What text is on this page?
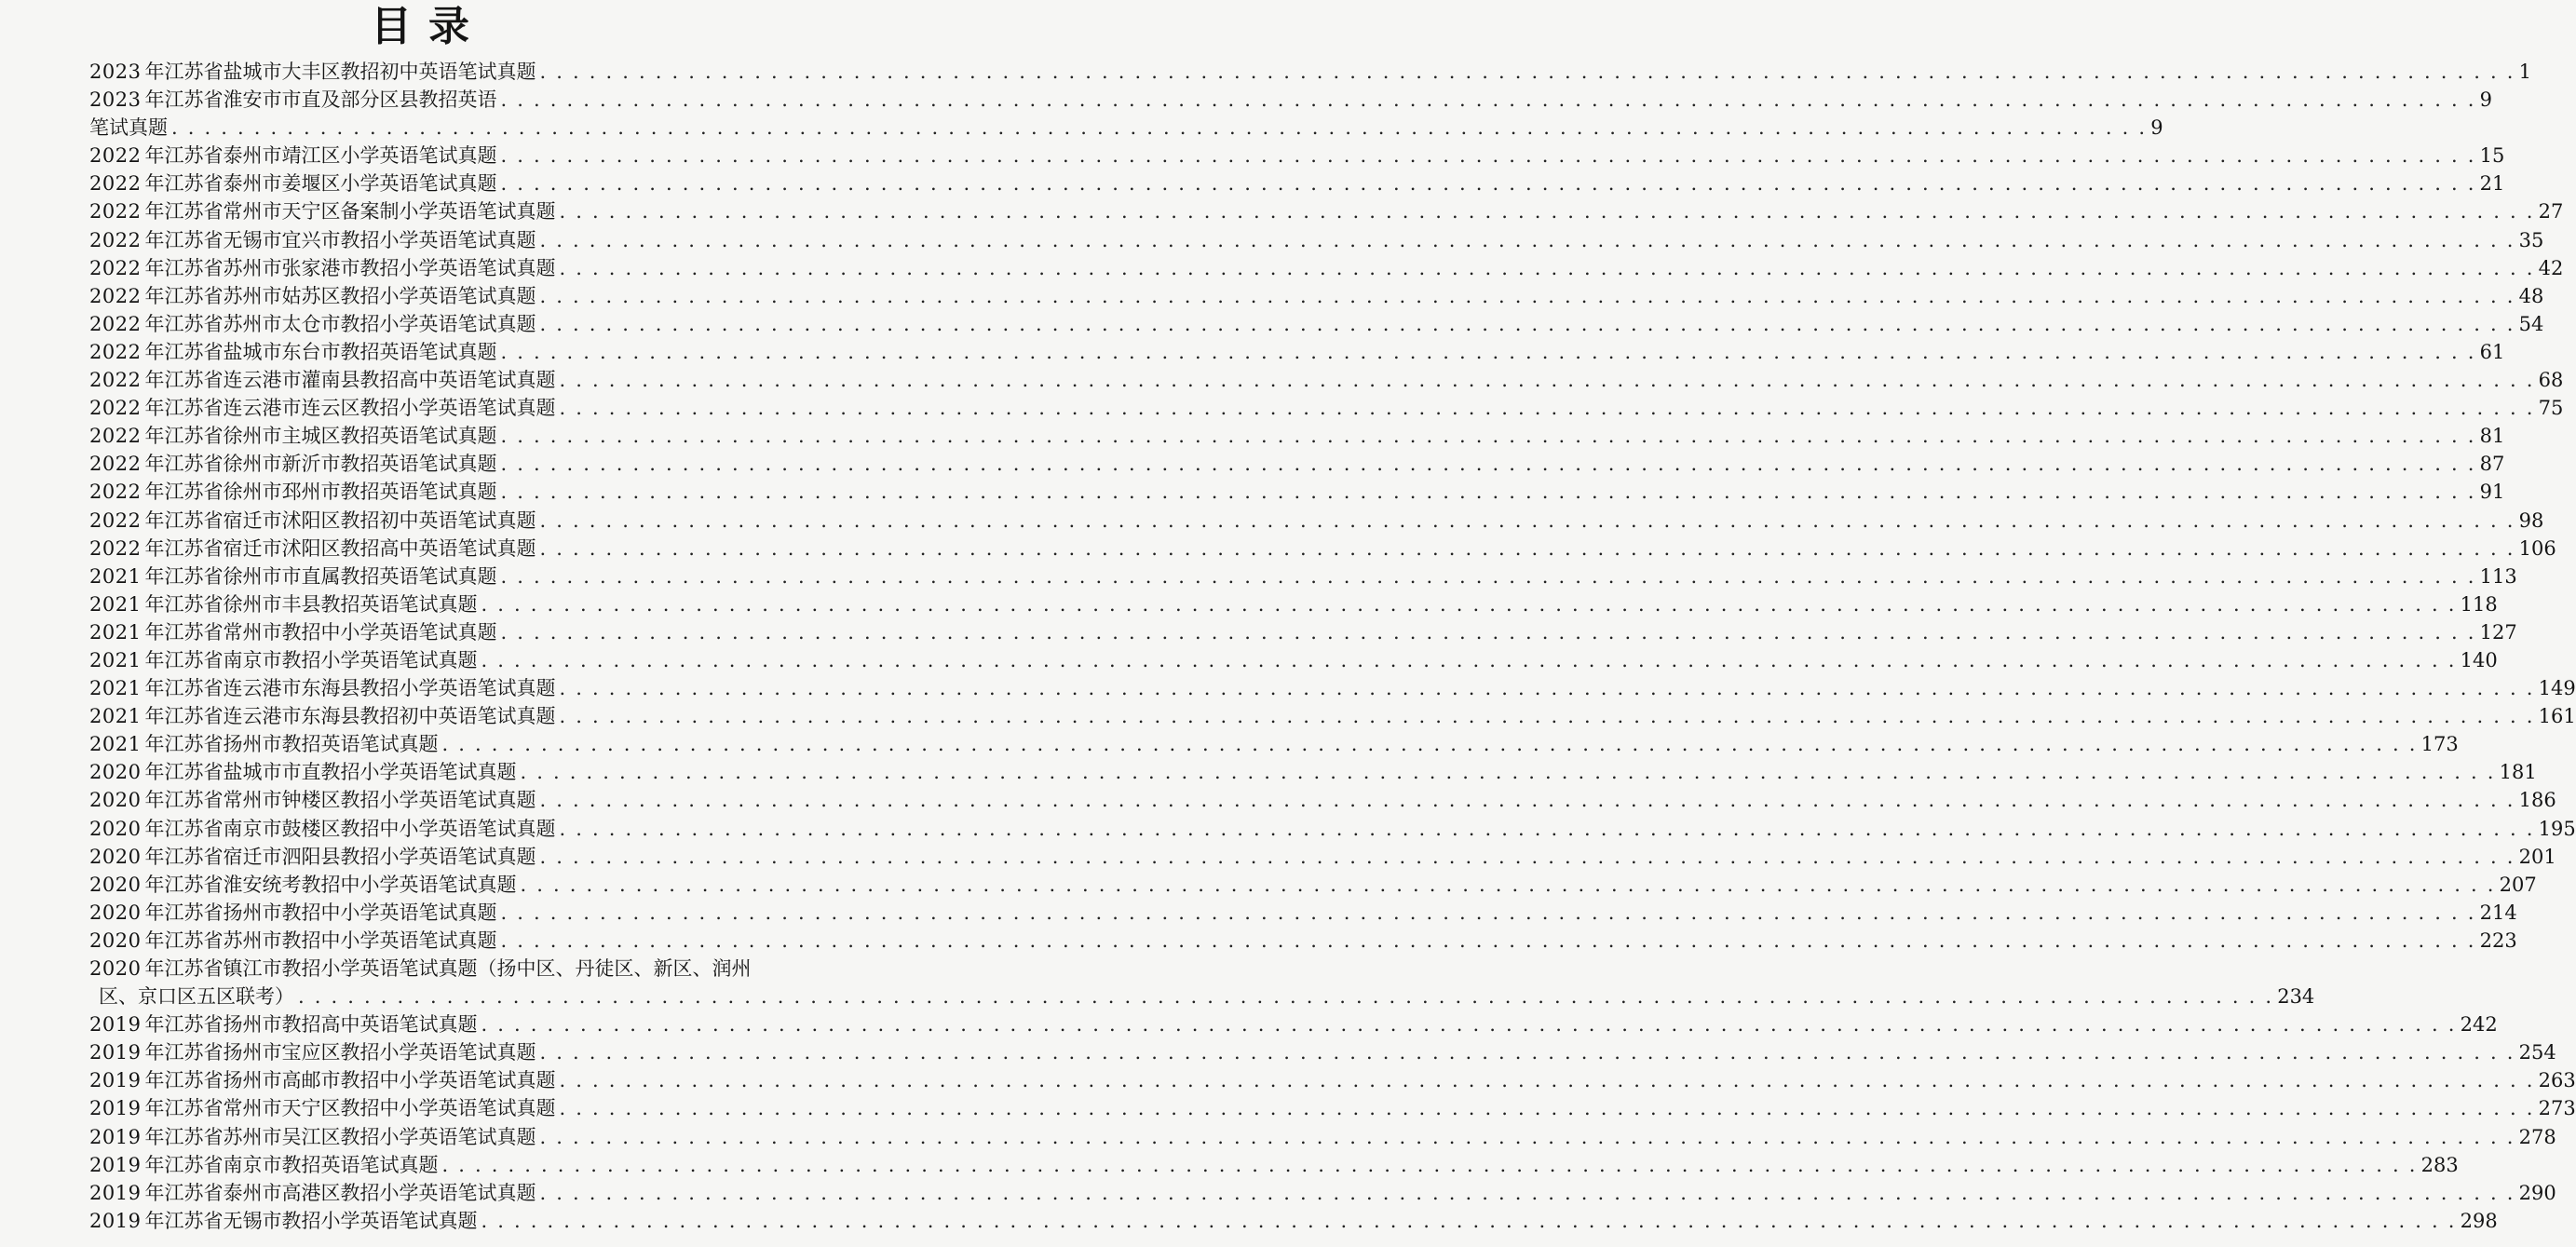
目录
2023 年江苏省盐城市大丰区教招初中英语笔试真题 . . . . . . . . . . . . . . . . . . . . . . . . . . . . . . . . . . . . . . . . . . . . . . . . . . . . . . . . . . . . . . . . . . . . . . . . . . . . . . . . . . . . . . . . . . . . . . . . . . . . . . . . . . . . . . . . . . . . . . . . 1
2023 年江苏省淮安市市直及部分区县教招英语 . . . . . . . . . . . . . . . . . . . . . . . . . . . . . . . . . . . . . . . . . . . . . . . . . . . . . . . . . . . . . . . . . . . . . . . . . . . . . . . . . . . . . . . . . . . . . . . . . . . . . . . . . . . . . . . . . . . . . . . . 9
笔试真题 . . . . . . . . . . . . . . . . . . . . . . . . . . . . . . . . . . . . . . . . . . . . . . . . . . . . . . . . . . . . . . . . . . . . . . . . . . . . . . . . . . . . . . . . . . . . . . . . . . . . . . . . . . . . . . . . . . . . . . . . 9
2022 年江苏省泰州市靖江区小学英语笔试真题 . . . . . . . . . . . . . . . . . . . . . . . . . . . . . . . . . . . . . . . . . . . . . . . . . . . . . . . . . . . . . . . . . . . . . . . . . . . . . . . . . . . . . . . . . . . . . . . . . . . . . . . . . . . . . . . . . . . . . . . . 15
2022 年江苏省泰州市姜堰区小学英语笔试真题 . . . . . . . . . . . . . . . . . . . . . . . . . . . . . . . . . . . . . . . . . . . . . . . . . . . . . . . . . . . . . . . . . . . . . . . . . . . . . . . . . . . . . . . . . . . . . . . . . . . . . . . . . . . . . . . . . . . . . . . . 21
2022 年江苏省常州市天宁区备案制小学英语笔试真题 . . . . . . . . . . . . . . . . . . . . . . . . . . . . . . . . . . . . . . . . . . . . . . . . . . . . . . . . . . . . . . . . . . . . . . . . . . . . . . . . . . . . . . . . . . . . . . . . . . . . . . . . . . . . . . . . . . . . . . . . 27
2022 年江苏省无锡市宜兴市教招小学英语笔试真题 . . . . . . . . . . . . . . . . . . . . . . . . . . . . . . . . . . . . . . . . . . . . . . . . . . . . . . . . . . . . . . . . . . . . . . . . . . . . . . . . . . . . . . . . . . . . . . . . . . . . . . . . . . . . . . . . . . . . . . . . 35
2022 年江苏省苏州市张家港市教招小学英语笔试真题 . . . . . . . . . . . . . . . . . . . . . . . . . . . . . . . . . . . . . . . . . . . . . . . . . . . . . . . . . . . . . . . . . . . . . . . . . . . . . . . . . . . . . . . . . . . . . . . . . . . . . . . . . . . . . . . . . . . . . . . . 42
2022 年江苏省苏州市姑苏区教招小学英语笔试真题 . . . . . . . . . . . . . . . . . . . . . . . . . . . . . . . . . . . . . . . . . . . . . . . . . . . . . . . . . . . . . . . . . . . . . . . . . . . . . . . . . . . . . . . . . . . . . . . . . . . . . . . . . . . . . . . . . . . . . . . . 48
2022 年江苏省苏州市太仓市教招小学英语笔试真题 . . . . . . . . . . . . . . . . . . . . . . . . . . . . . . . . . . . . . . . . . . . . . . . . . . . . . . . . . . . . . . . . . . . . . . . . . . . . . . . . . . . . . . . . . . . . . . . . . . . . . . . . . . . . . . . . . . . . . . . . 54
2022 年江苏省盐城市东台市教招英语笔试真题 . . . . . . . . . . . . . . . . . . . . . . . . . . . . . . . . . . . . . . . . . . . . . . . . . . . . . . . . . . . . . . . . . . . . . . . . . . . . . . . . . . . . . . . . . . . . . . . . . . . . . . . . . . . . . . . . . . . . . . . . 61
2022 年江苏省连云港市灌南县教招高中英语笔试真题 . . . . . . . . . . . . . . . . . . . . . . . . . . . . . . . . . . . . . . . . . . . . . . . . . . . . . . . . . . . . . . . . . . . . . . . . . . . . . . . . . . . . . . . . . . . . . . . . . . . . . . . . . . . . . . . . . . . . . . . . 68
2022 年江苏省连云港市连云区教招小学英语笔试真题 . . . . . . . . . . . . . . . . . . . . . . . . . . . . . . . . . . . . . . . . . . . . . . . . . . . . . . . . . . . . . . . . . . . . . . . . . . . . . . . . . . . . . . . . . . . . . . . . . . . . . . . . . . . . . . . . . . . . . . . . 75
2022 年江苏省徐州市主城区教招英语笔试真题 . . . . . . . . . . . . . . . . . . . . . . . . . . . . . . . . . . . . . . . . . . . . . . . . . . . . . . . . . . . . . . . . . . . . . . . . . . . . . . . . . . . . . . . . . . . . . . . . . . . . . . . . . . . . . . . . . . . . . . . . 81
2022 年江苏省徐州市新沂市教招英语笔试真题 . . . . . . . . . . . . . . . . . . . . . . . . . . . . . . . . . . . . . . . . . . . . . . . . . . . . . . . . . . . . . . . . . . . . . . . . . . . . . . . . . . . . . . . . . . . . . . . . . . . . . . . . . . . . . . . . . . . . . . . . 87
2022 年江苏省徐州市邳州市教招英语笔试真题 . . . . . . . . . . . . . . . . . . . . . . . . . . . . . . . . . . . . . . . . . . . . . . . . . . . . . . . . . . . . . . . . . . . . . . . . . . . . . . . . . . . . . . . . . . . . . . . . . . . . . . . . . . . . . . . . . . . . . . . . 91
2022 年江苏省宿迁市沭阳区教招初中英语笔试真题 . . . . . . . . . . . . . . . . . . . . . . . . . . . . . . . . . . . . . . . . . . . . . . . . . . . . . . . . . . . . . . . . . . . . . . . . . . . . . . . . . . . . . . . . . . . . . . . . . . . . . . . . . . . . . . . . . . . . . . . . 98
2022 年江苏省宿迁市沭阳区教招高中英语笔试真题 . . . . . . . . . . . . . . . . . . . . . . . . . . . . . . . . . . . . . . . . . . . . . . . . . . . . . . . . . . . . . . . . . . . . . . . . . . . . . . . . . . . . . . . . . . . . . . . . . . . . . . . . . . . . . . . . . . . . . . . . 106
2021 年江苏省徐州市市直属教招英语笔试真题 . . . . . . . . . . . . . . . . . . . . . . . . . . . . . . . . . . . . . . . . . . . . . . . . . . . . . . . . . . . . . . . . . . . . . . . . . . . . . . . . . . . . . . . . . . . . . . . . . . . . . . . . . . . . . . . . . . . . . . . . 113
2021 年江苏省徐州市丰县教招英语笔试真题 . . . . . . . . . . . . . . . . . . . . . . . . . . . . . . . . . . . . . . . . . . . . . . . . . . . . . . . . . . . . . . . . . . . . . . . . . . . . . . . . . . . . . . . . . . . . . . . . . . . . . . . . . . . . . . . . . . . . . . . . 118
2021 年江苏省常州市教招中小学英语笔试真题 . . . . . . . . . . . . . . . . . . . . . . . . . . . . . . . . . . . . . . . . . . . . . . . . . . . . . . . . . . . . . . . . . . . . . . . . . . . . . . . . . . . . . . . . . . . . . . . . . . . . . . . . . . . . . . . . . . . . . . . . 127
2021 年江苏省南京市教招小学英语笔试真题 . . . . . . . . . . . . . . . . . . . . . . . . . . . . . . . . . . . . . . . . . . . . . . . . . . . . . . . . . . . . . . . . . . . . . . . . . . . . . . . . . . . . . . . . . . . . . . . . . . . . . . . . . . . . . . . . . . . . . . . . 140
2021 年江苏省连云港市东海县教招小学英语笔试真题 . . . . . . . . . . . . . . . . . . . . . . . . . . . . . . . . . . . . . . . . . . . . . . . . . . . . . . . . . . . . . . . . . . . . . . . . . . . . . . . . . . . . . . . . . . . . . . . . . . . . . . . . . . . . . . . . . . . . . . . . 149
2021 年江苏省连云港市东海县教招初中英语笔试真题 . . . . . . . . . . . . . . . . . . . . . . . . . . . . . . . . . . . . . . . . . . . . . . . . . . . . . . . . . . . . . . . . . . . . . . . . . . . . . . . . . . . . . . . . . . . . . . . . . . . . . . . . . . . . . . . . . . . . . . . . 161
2021 年江苏省扬州市教招英语笔试真题 . . . . . . . . . . . . . . . . . . . . . . . . . . . . . . . . . . . . . . . . . . . . . . . . . . . . . . . . . . . . . . . . . . . . . . . . . . . . . . . . . . . . . . . . . . . . . . . . . . . . . . . . . . . . . . . . . . . . . . . . 173
2020 年江苏省盐城市市直教招小学英语笔试真题 . . . . . . . . . . . . . . . . . . . . . . . . . . . . . . . . . . . . . . . . . . . . . . . . . . . . . . . . . . . . . . . . . . . . . . . . . . . . . . . . . . . . . . . . . . . . . . . . . . . . . . . . . . . . . . . . . . . . . . . . 181
2020 年江苏省常州市钟楼区教招小学英语笔试真题 . . . . . . . . . . . . . . . . . . . . . . . . . . . . . . . . . . . . . . . . . . . . . . . . . . . . . . . . . . . . . . . . . . . . . . . . . . . . . . . . . . . . . . . . . . . . . . . . . . . . . . . . . . . . . . . . . . . . . . . . 186
2020 年江苏省南京市鼓楼区教招中小学英语笔试真题 . . . . . . . . . . . . . . . . . . . . . . . . . . . . . . . . . . . . . . . . . . . . . . . . . . . . . . . . . . . . . . . . . . . . . . . . . . . . . . . . . . . . . . . . . . . . . . . . . . . . . . . . . . . . . . . . . . . . . . . . 195
2020 年江苏省宿迁市泗阳县教招小学英语笔试真题 . . . . . . . . . . . . . . . . . . . . . . . . . . . . . . . . . . . . . . . . . . . . . . . . . . . . . . . . . . . . . . . . . . . . . . . . . . . . . . . . . . . . . . . . . . . . . . . . . . . . . . . . . . . . . . . . . . . . . . . . 201
2020 年江苏省淮安统考教招中小学英语笔试真题 . . . . . . . . . . . . . . . . . . . . . . . . . . . . . . . . . . . . . . . . . . . . . . . . . . . . . . . . . . . . . . . . . . . . . . . . . . . . . . . . . . . . . . . . . . . . . . . . . . . . . . . . . . . . . . . . . . . . . . . . 207
2020 年江苏省扬州市教招中小学英语笔试真题 . . . . . . . . . . . . . . . . . . . . . . . . . . . . . . . . . . . . . . . . . . . . . . . . . . . . . . . . . . . . . . . . . . . . . . . . . . . . . . . . . . . . . . . . . . . . . . . . . . . . . . . . . . . . . . . . . . . . . . . . 214
2020 年江苏省苏州市教招中小学英语笔试真题 . . . . . . . . . . . . . . . . . . . . . . . . . . . . . . . . . . . . . . . . . . . . . . . . . . . . . . . . . . . . . . . . . . . . . . . . . . . . . . . . . . . . . . . . . . . . . . . . . . . . . . . . . . . . . . . . . . . . . . . . 223
2020 年江苏省镇江市教招小学英语笔试真题（扬中区、丹徒区、新区、润州
区、京口区五区联考） . . . . . . . . . . . . . . . . . . . . . . . . . . . . . . . . . . . . . . . . . . . . . . . . . . . . . . . . . . . . . . . . . . . . . . . . . . . . . . . . . . . . . . . . . . . . . . . . . . . . . . . . . . . . . . . . . . . . . . . . 234
2019 年江苏省扬州市教招高中英语笔试真题 . . . . . . . . . . . . . . . . . . . . . . . . . . . . . . . . . . . . . . . . . . . . . . . . . . . . . . . . . . . . . . . . . . . . . . . . . . . . . . . . . . . . . . . . . . . . . . . . . . . . . . . . . . . . . . . . . . . . . . . . 242
2019 年江苏省扬州市宝应区教招小学英语笔试真题 . . . . . . . . . . . . . . . . . . . . . . . . . . . . . . . . . . . . . . . . . . . . . . . . . . . . . . . . . . . . . . . . . . . . . . . . . . . . . . . . . . . . . . . . . . . . . . . . . . . . . . . . . . . . . . . . . . . . . . . . 254
2019 年江苏省扬州市高邮市教招中小学英语笔试真题 . . . . . . . . . . . . . . . . . . . . . . . . . . . . . . . . . . . . . . . . . . . . . . . . . . . . . . . . . . . . . . . . . . . . . . . . . . . . . . . . . . . . . . . . . . . . . . . . . . . . . . . . . . . . . . . . . . . . . . . . 263
2019 年江苏省常州市天宁区教招中小学英语笔试真题 . . . . . . . . . . . . . . . . . . . . . . . . . . . . . . . . . . . . . . . . . . . . . . . . . . . . . . . . . . . . . . . . . . . . . . . . . . . . . . . . . . . . . . . . . . . . . . . . . . . . . . . . . . . . . . . . . . . . . . . . 273
2019 年江苏省苏州市吴江区教招小学英语笔试真题 . . . . . . . . . . . . . . . . . . . . . . . . . . . . . . . . . . . . . . . . . . . . . . . . . . . . . . . . . . . . . . . . . . . . . . . . . . . . . . . . . . . . . . . . . . . . . . . . . . . . . . . . . . . . . . . . . . . . . . . . 278
2019 年江苏省南京市教招英语笔试真题 . . . . . . . . . . . . . . . . . . . . . . . . . . . . . . . . . . . . . . . . . . . . . . . . . . . . . . . . . . . . . . . . . . . . . . . . . . . . . . . . . . . . . . . . . . . . . . . . . . . . . . . . . . . . . . . . . . . . . . . . 283
2019 年江苏省泰州市高港区教招小学英语笔试真题 . . . . . . . . . . . . . . . . . . . . . . . . . . . . . . . . . . . . . . . . . . . . . . . . . . . . . . . . . . . . . . . . . . . . . . . . . . . . . . . . . . . . . . . . . . . . . . . . . . . . . . . . . . . . . . . . . . . . . . . . 290
2019 年江苏省无锡市教招小学英语笔试真题 . . . . . . . . . . . . . . . . . . . . . . . . . . . . . . . . . . . . . . . . . . . . . . . . . . . . . . . . . . . . . . . . . . . . . . . . . . . . . . . . . . . . . . . . . . . . . . . . . . . . . . . . . . . . . . . . . . . . . . . . 298
